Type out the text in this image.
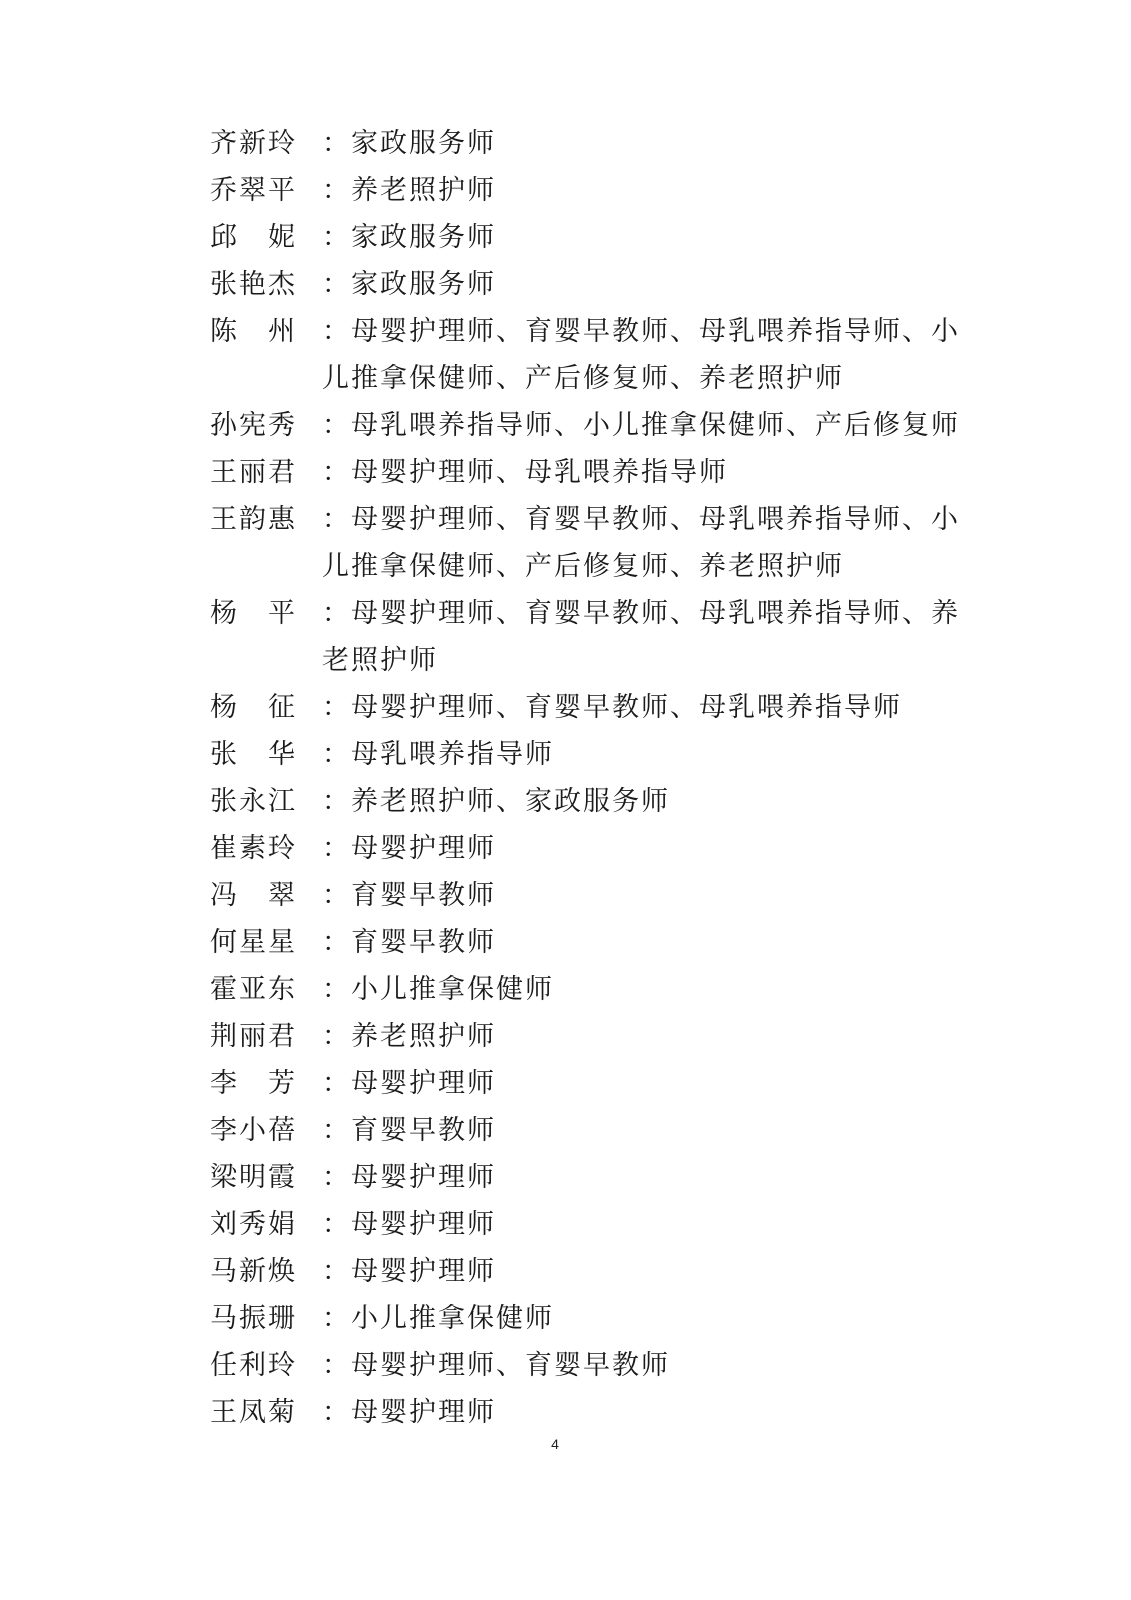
齐新玲 ：家政服务师
乔翠平 ：养老照护师
邱　妮 ：家政服务师
张艳杰 ：家政服务师
陈　州 ：母婴护理师、育婴早教师、母乳喂养指导师、小儿推拿保健师、产后修复师、养老照护师
孙宪秀 ：母乳喂养指导师、小儿推拿保健师、产后修复师
王丽君 ：母婴护理师、母乳喂养指导师
王韵惠 ：母婴护理师、育婴早教师、母乳喂养指导师、小儿推拿保健师、产后修复师、养老照护师
杨　平 ：母婴护理师、育婴早教师、母乳喂养指导师、养老照护师
杨　征 ：母婴护理师、育婴早教师、母乳喂养指导师
张　华 ：母乳喂养指导师
张永江 ：养老照护师、家政服务师
崔素玲 ：母婴护理师
冯　翠 ：育婴早教师
何星星 ：育婴早教师
霍亚东 ：小儿推拿保健师
荆丽君 ：养老照护师
李　芳 ：母婴护理师
李小蓓 ：育婴早教师
梁明霞 ：母婴护理师
刘秀娟 ：母婴护理师
马新焕 ：母婴护理师
马振珊 ：小儿推拿保健师
任利玲 ：母婴护理师、育婴早教师
王凤菊 ：母婴护理师
4
